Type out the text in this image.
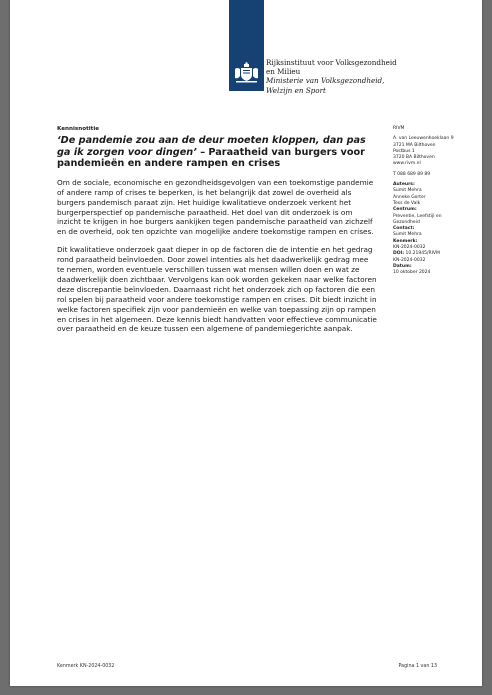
Rijksinstituut voor Volksgezondheid
en Milieu
Ministerie van Volksgezondheid,
Welzijn en Sport
Kennisnotitie
‘De pandemie zou aan de deur moeten kloppen, dan pas ga ik zorgen voor dingen’ – Paraatheid van burgers voor pandemieën en andere rampen en crises

Om de sociale, economische en gezondheidsgevolgen van een toekomstige pandemie of andere ramp of crises te beperken, is het belangrijk dat zowel de overheid als burgers pandemisch paraat zijn. Het huidige kwalitatieve onderzoek verkent het burgerperspectief op pandemische paraatheid. Het doel van dit onderzoek is om inzicht te krijgen in hoe burgers aankijken tegen pandemische paraatheid van zichzelf en de overheid, ook ten opzichte van mogelijke andere toekomstige rampen en crises.

Dit kwalitatieve onderzoek gaat dieper in op de factoren die de intentie en het gedrag rond paraatheid beïnvloeden. Door zowel intenties als het daadwerkelijk gedrag mee te nemen, worden eventuele verschillen tussen wat mensen willen doen en wat ze daadwerkelijk doen zichtbaar. Vervolgens kan ook worden gekeken naar welke factoren deze discrepantie beïnvloeden. Daarnaast richt het onderzoek zich op factoren die een rol spelen bij paraatheid voor andere toekomstige rampen en crises. Dit biedt inzicht in welke factoren specifiek zijn voor pandemieën en welke van toepassing zijn op rampen en crises in het algemeen. Deze kennis biedt handvatten voor effectieve communicatie over paraatheid en de keuze tussen een algemene of pandemiegerichte aanpak.

RIVM
A. van Leeuwenhoeklaan 9
3721 MA Bilthoven
Postbus 1
3720 BA Bilthoven
www.rivm.nl
T 088 689 89 89
Auteurs:
Sumit Mehra
Anneke Gorter
Tess de Valk
Centrum:
Preventie, Leefstijl en
Gezondheid
Contact:
Sumit Mehra
Kenmerk:
KN-2024-0032
DOI: 10.21945/RIVM
KN-2024-0032
Datum:
10 oktober 2024
Kenmerk KN-2024-0032	Pagina 1 van 13
